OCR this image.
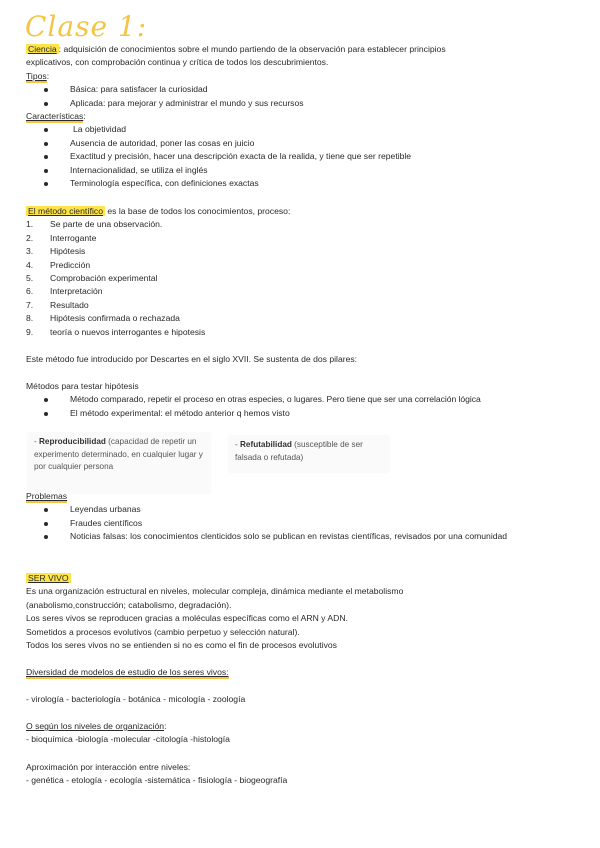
Clase 1:
Ciencia : adquisición de conocimientos sobre el mundo partiendo de la observación para establecer principios
explicativos, con comprobación continua y crítica de todos los descubrimientos.
Tipos:
Básica: para satisfacer la curiosidad
Aplicada: para mejorar y administrar el mundo y sus recursos
Características:
La objetividad
Ausencia de autoridad, poner las cosas en juicio
Exactitud y precisión, hacer una descripción exacta de la realida, y tiene que ser repetible
Internacionalidad, se utiliza el inglés
Terminología específica, con definiciones exactas
El método científico es la base de todos los conocimientos, proceso:
1. Se parte de una observación.
2. Interrogante
3. Hipótesis
4. Predicción
5. Comprobación experimental
6. Interpretación
7. Resultado
8. Hipótesis confirmada o rechazada
9. teoría o nuevos interrogantes e hipotesis
Este método fue introducido por Descartes en el siglo XVII. Se sustenta de dos pilares:
Métodos para testar hipótesis
Método comparado, repetir el proceso en otras especies, o lugares. Pero tiene que ser una correlación lógica
El método experimental: el método anterior q hemos visto
- Reproducibilidad (capacidad de repetir un experimento determinado, en cualquier lugar y por cualquier persona
- Refutabilidad (susceptible de ser falsada o refutada)
Problemas
Leyendas urbanas
Fraudes científicos
Noticias falsas: los conocimientos clenticidos solo se publican en revistas científicas, revisados por una comunidad
SER VIVO
Es una organización estructural en niveles, molecular compleja, dinámica mediante el metabolismo
(anabolismo,construcción; catabolismo, degradación).
Los seres vivos se reproducen gracias a moléculas específicas como el ARN y ADN.
Sometidos a procesos evolutivos (cambio perpetuo y selección natural).
Todos los seres vivos no se entienden si no es como el fin de procesos evolutivos
Diversidad de modelos de estudio de los seres vivos:
- virología - bacteriología - botánica - micología - zoología
O según los niveles de organización:
- bioquímica -biología -molecular -citología -histología
Aproximación por interacción entre niveles:
- genética - etología - ecología -sistemática - fisiología - biogeografía
